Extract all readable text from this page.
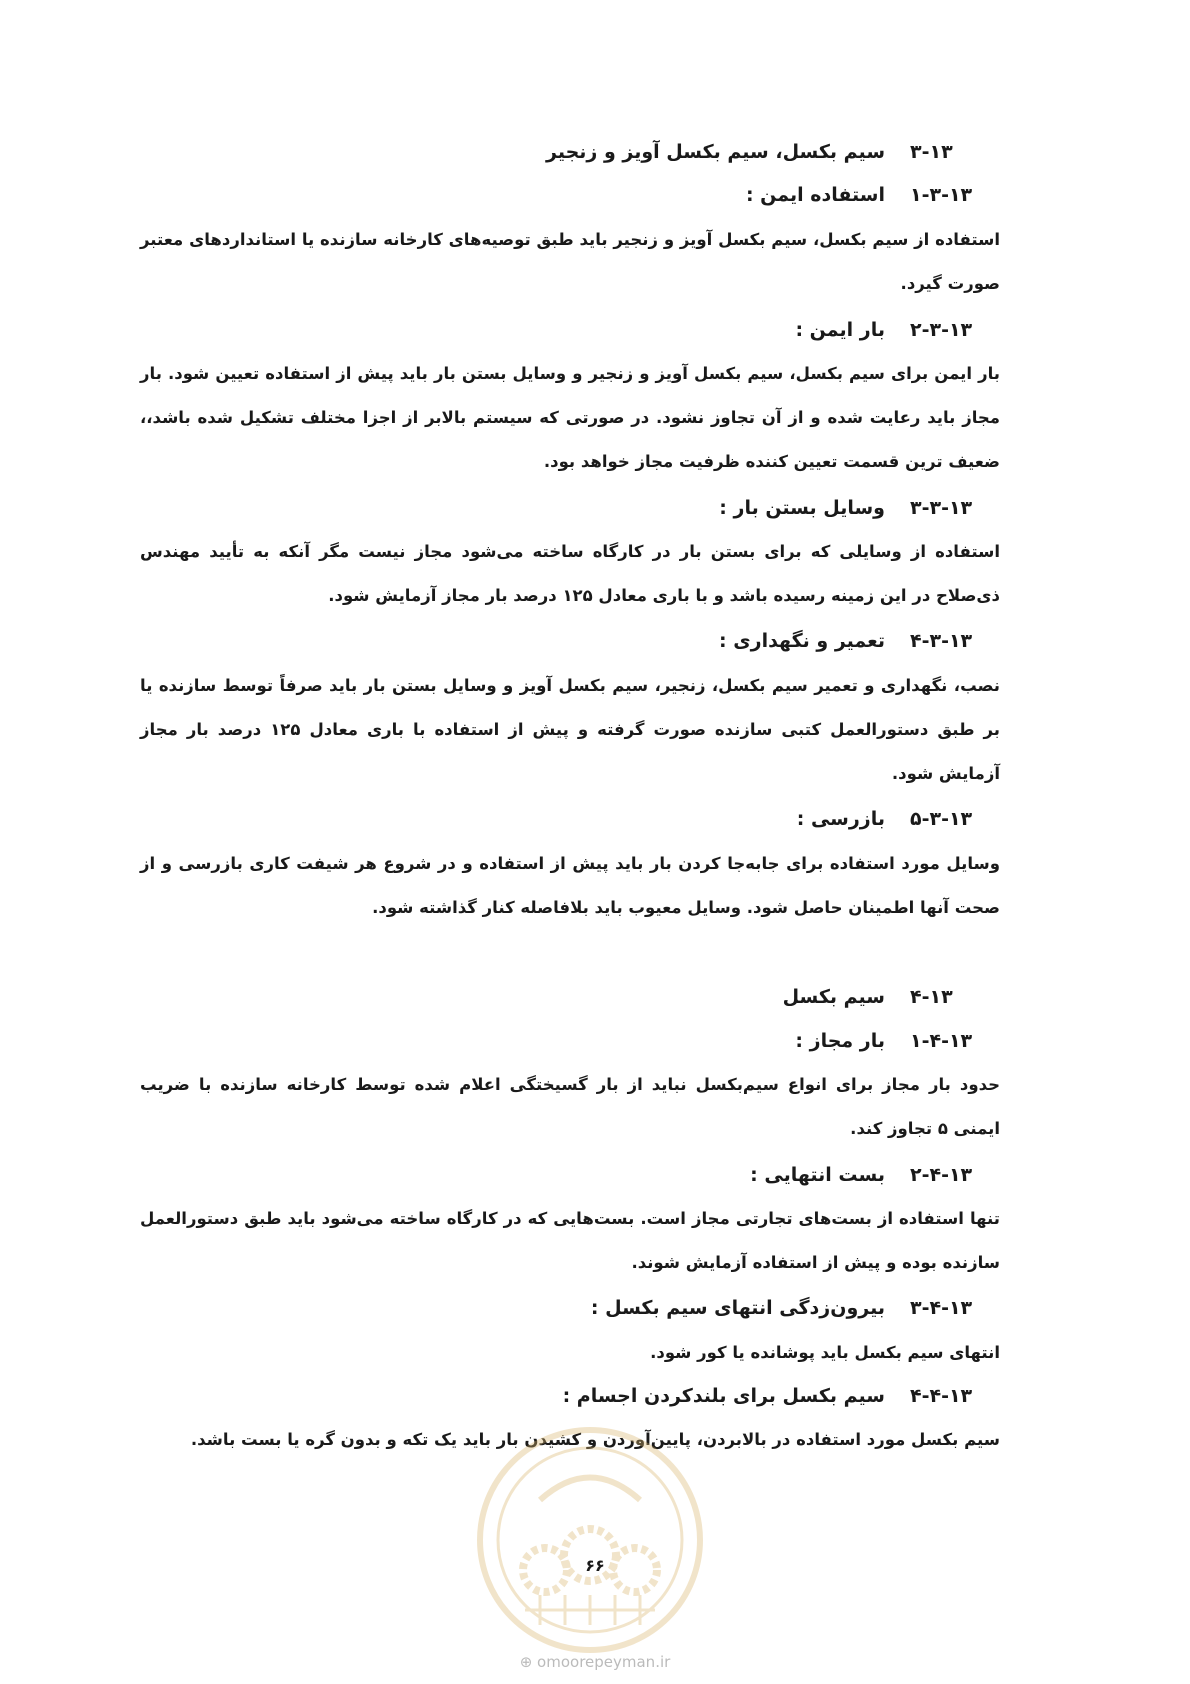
۳-۱۳
سیم بکسل، سیم بکسل آویز و زنجیر
۱-۳-۱۳
استفاده ایمن :
استفاده از سیم بکسل، سیم بکسل آویز و زنجیر باید طبق توصیه‌های کارخانه سازنده یا استانداردهای معتبر صورت گیرد.
۲-۳-۱۳
بار ایمن :
بار ایمن برای سیم بکسل، سیم بکسل آویز و زنجیر و وسایل بستن بار باید پیش از استفاده تعیین شود. بار مجاز باید رعایت شده و از آن تجاوز نشود. در صورتی که سیستم بالابر از اجزا مختلف تشکیل شده باشد،، ضعیف ترین قسمت تعیین کننده ظرفیت مجاز خواهد بود.
۳-۳-۱۳
وسایل بستن بار :
استفاده از وسایلی که برای بستن بار در کارگاه ساخته می‌شود مجاز نیست مگر آنکه به تأیید مهندس ذی‌صلاح در این زمینه رسیده باشد و با باری معادل ۱۲۵ درصد بار مجاز آزمایش شود.
۴-۳-۱۳
تعمیر و نگهداری :
نصب، نگهداری و تعمیر سیم بکسل، زنجیر، سیم بکسل آویز و وسایل بستن بار باید صرفاً توسط سازنده یا بر طبق دستورالعمل کتبی سازنده صورت گرفته و پیش از استفاده با باری معادل ۱۲۵ درصد بار مجاز آزمایش شود.
۵-۳-۱۳
بازرسی :
وسایل مورد استفاده برای جابه‌جا کردن بار باید پیش از استفاده و در شروع هر شیفت کاری بازرسی و از صحت آنها اطمینان حاصل شود. وسایل معیوب باید بلافاصله کنار گذاشته شود.
۴-۱۳
سیم بکسل
۱-۴-۱۳
بار مجاز :
حدود بار مجاز برای انواع سیم‌بکسل نباید از بار گسیختگی اعلام شده توسط کارخانه سازنده با ضریب ایمنی ۵ تجاوز کند.
۲-۴-۱۳
بست انتهایی :
تنها استفاده از بست‌های تجارتی مجاز است. بست‌هایی که در کارگاه ساخته می‌شود باید طبق دستورالعمل سازنده بوده و پیش از استفاده آزمایش شوند.
۳-۴-۱۳
بیرون‌زدگی انتهای سیم بکسل :
انتهای سیم بکسل باید پوشانده یا کور شود.
۴-۴-۱۳
سیم بکسل برای بلندکردن اجسام :
سیم بکسل مورد استفاده در بالابردن، پایین‌آوردن و کشیدن بار باید یک تکه و بدون گره یا بست باشد.
۶۶
⊕ omoorepeyman.ir
